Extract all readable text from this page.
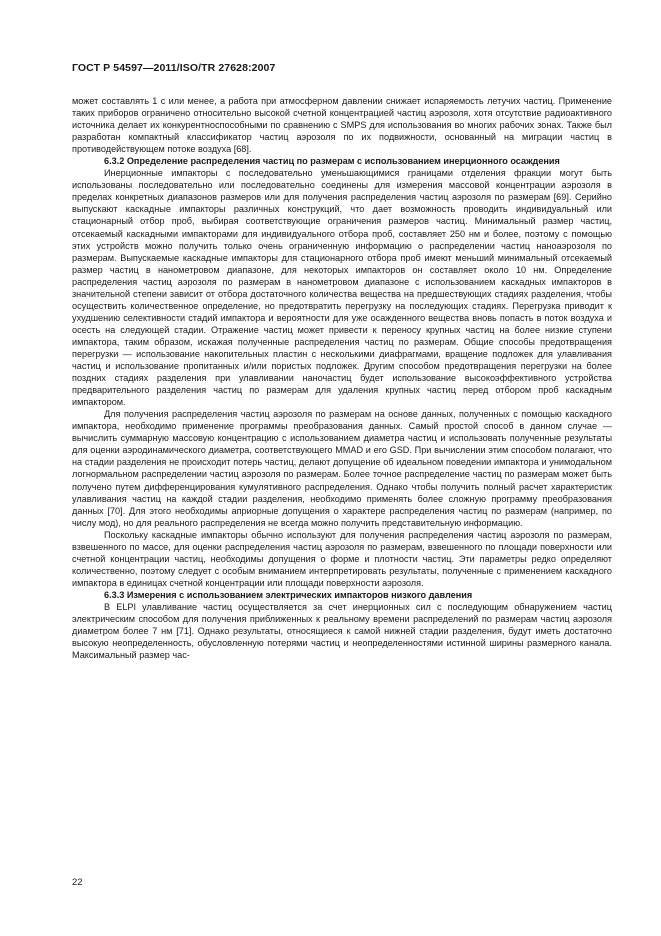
ГОСТ Р 54597—2011/ISO/TR 27628:2007

может составлять 1 с или менее, а работа при атмосферном давлении снижает испаряемость летучих частиц. Применение таких приборов ограничено относительно высокой счетной концентрацией частиц аэрозоля, хотя отсутствие радиоактивного источника делает их конкурентноспособными по сравнению с SMPS для использования во многих рабочих зонах. Также был разработан компактный классификатор частиц аэрозоля по их подвижности, основанный на миграции частиц в противодействующем потоке воздуха [68].

6.3.2 Определение распределения частиц по размерам с использованием инерционного осаждения

Инерционные импакторы с последовательно уменьшающимися границами отделения фракции могут быть использованы последовательно или последовательно соединены для измерения массовой концентрации аэрозоля в пределах конкретных диапазонов размеров или для получения распределения частиц аэрозоля по размерам [69]. Серийно выпускают каскадные импакторы различных конструкций, что дает возможность проводить индивидуальный или стационарный отбор проб, выбирая соответствующие ограничения размеров частиц. Минимальный размер частиц, отсекаемый каскадными импакторами для индивидуального отбора проб, составляет 250 нм и более, поэтому с помощью этих устройств можно получить только очень ограниченную информацию о распределении частиц наноаэрозоля по размерам. Выпускаемые каскадные импакторы для стационарного отбора проб имеют меньший минимальный отсекаемый размер частиц в нанометровом диапазоне, для некоторых импакторов он составляет около 10 нм. Определение распределения частиц аэрозоля по размерам в нанометровом диапазоне с использованием каскадных импакторов в значительной степени зависит от отбора достаточного количества вещества на предшествующих стадиях разделения, чтобы осуществить количественное определение, но предотвратить перегрузку на последующих стадиях. Перегрузка приводит к ухудшению селективности стадий импактора и вероятности для уже осажденного вещества вновь попасть в поток воздуха и осесть на следующей стадии. Отражение частиц может привести к переносу крупных частиц на более низкие ступени импактора, таким образом, искажая полученные распределения частиц по размерам. Общие способы предотвращения перегрузки — использование накопительных пластин с несколькими диафрагмами, вращение подложек для улавливания частиц и использование пропитанных и/или пористых подложек. Другим способом предотвращения перегрузки на более поздних стадиях разделения при улавливании наночастиц будет использование высокоэффективного устройства предварительного разделения частиц по размерам для удаления крупных частиц перед отбором проб каскадным импактором.

Для получения распределения частиц аэрозоля по размерам на основе данных, полученных с помощью каскадного импактора, необходимо применение программы преобразования данных. Самый простой способ в данном случае — вычислить суммарную массовую концентрацию с использованием диаметра частиц и использовать полученные результаты для оценки аэродинамического диаметра, соответствующего MMAD и его GSD. При вычислении этим способом полагают, что на стадии разделения не происходит потерь частиц, делают допущение об идеальном поведении импактора и унимодальном логнормальном распределении частиц аэрозоля по размерам. Более точное распределение частиц по размерам может быть получено путем дифференцирования кумулятивного распределения. Однако чтобы получить полный расчет характеристик улавливания частиц на каждой стадии разделения, необходимо применять более сложную программу преобразования данных [70]. Для этого необходимы априорные допущения о характере распределения частиц по размерам (например, по числу мод), но для реального распределения не всегда можно получить представительную информацию.

Поскольку каскадные импакторы обычно используют для получения распределения частиц аэрозоля по размерам, взвешенного по массе, для оценки распределения частиц аэрозоля по размерам, взвешенного по площади поверхности или счетной концентрации частиц, необходимы допущения о форме и плотности частиц. Эти параметры редко определяют количественно, поэтому следует с особым вниманием интерпретировать результаты, полученные с применением каскадного импактора в единицах счетной концентрации или площади поверхности аэрозоля.

6.3.3 Измерения с использованием электрических импакторов низкого давления

В ELPI улавливание частиц осуществляется за счет инерционных сил с последующим обнаружением частиц электрическим способом для получения приближенных к реальному времени распределений по размерам частиц аэрозоля диаметром более 7 нм [71]. Однако результаты, относящиеся к самой нижней стадии разделения, будут иметь достаточно высокую неопределенность, обусловленную потерями частиц и неопределенностями истинной ширины размерного канала. Максимальный размер час-

22
